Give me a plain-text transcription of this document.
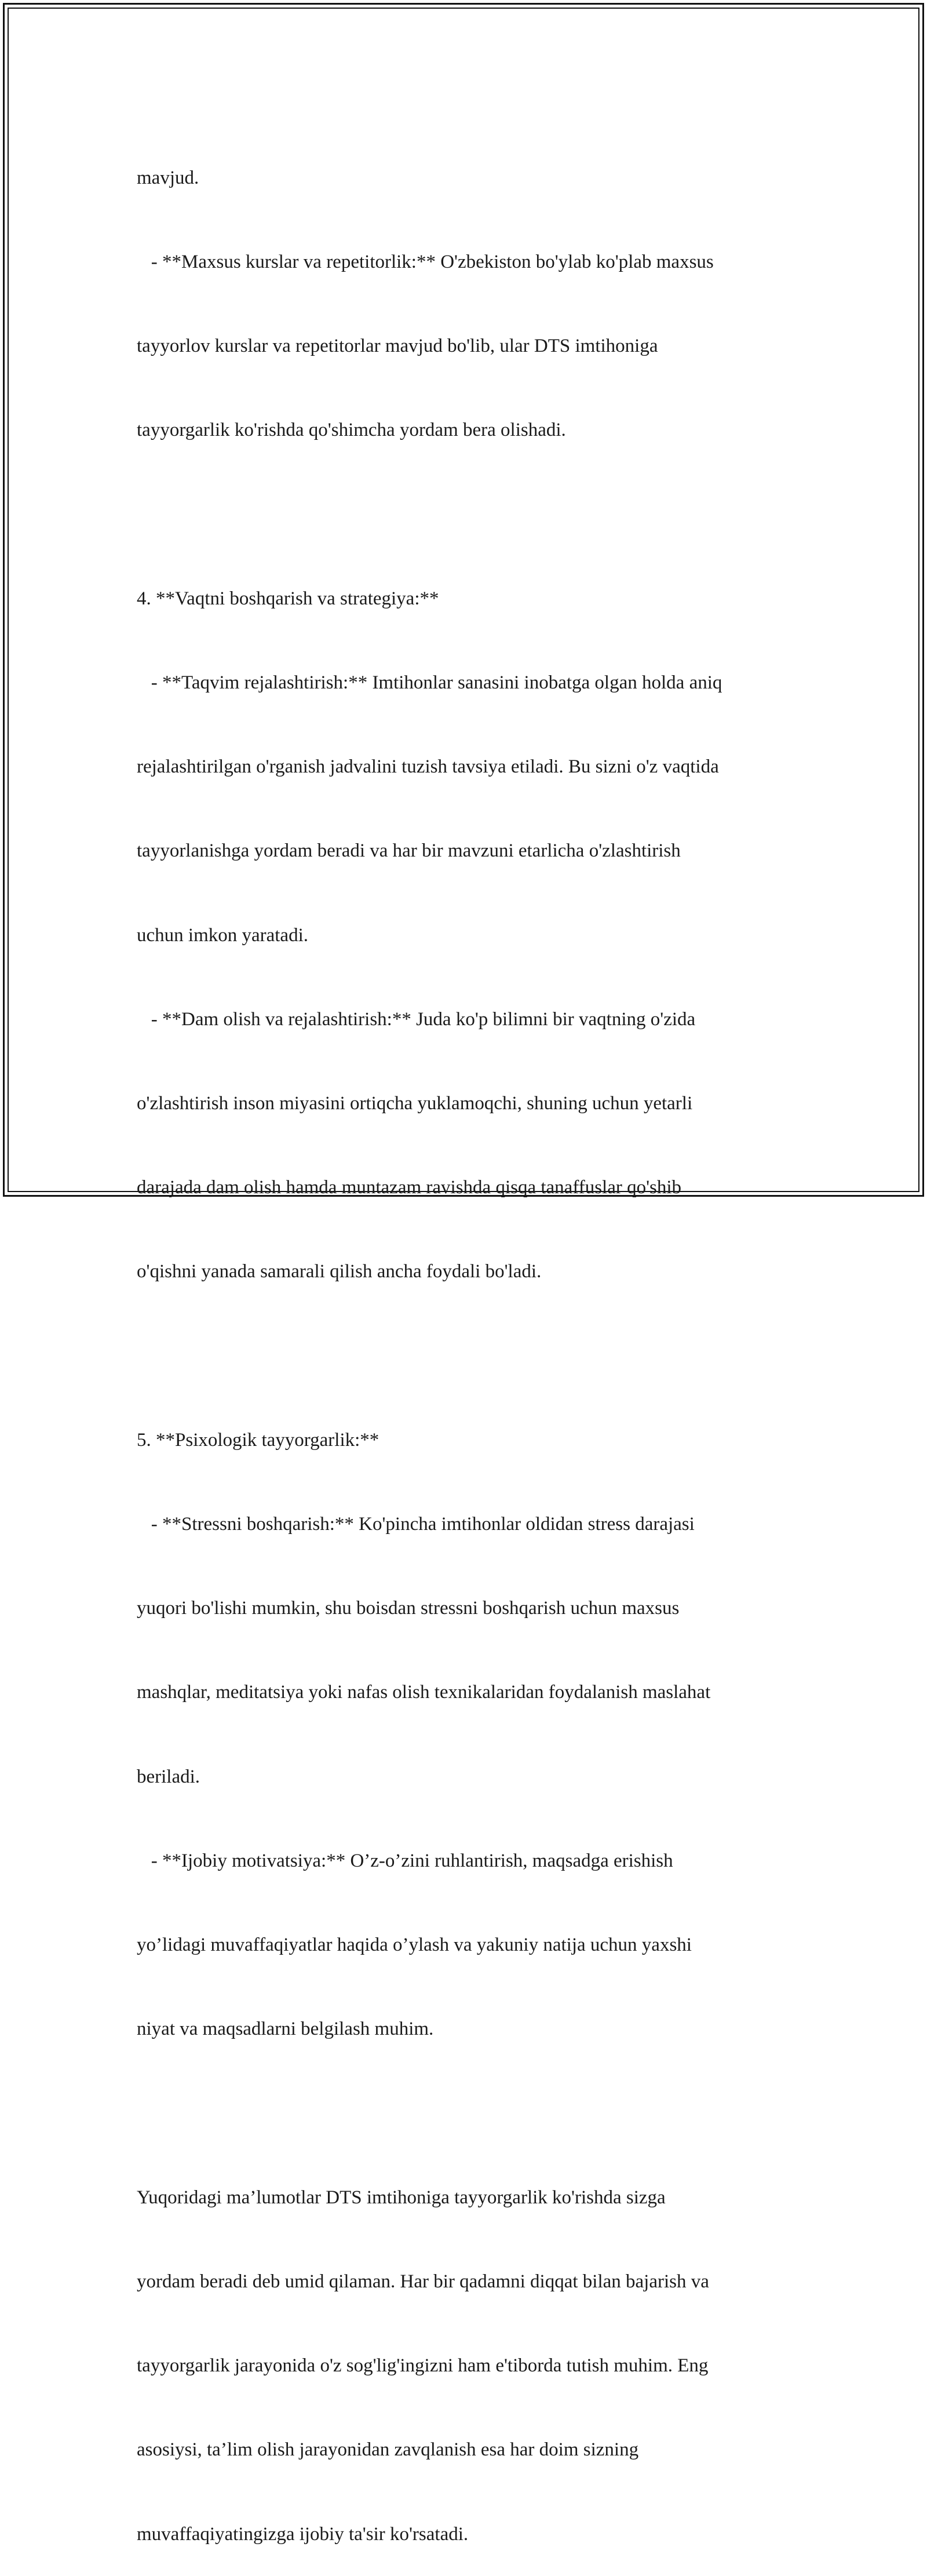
mavjud.

- **Maxsus kurslar va repetitorlik:** O'zbekiston bo'ylab ko'plab maxsus

tayyorlov kurslar va repetitorlar mavjud bo'lib, ular DTS imtihoniga

tayyorgarlik ko'rishda qo'shimcha yordam bera olishadi.

4. **Vaqtni boshqarish va strategiya:**

- **Taqvim rejalashtirish:** Imtihonlar sanasini inobatga olgan holda aniq

rejalashtirilgan o'rganish jadvalini tuzish tavsiya etiladi. Bu sizni o'z vaqtida

tayyorlanishga yordam beradi va har bir mavzuni etarlicha o'zlashtirish

uchun imkon yaratadi.

- **Dam olish va rejalashtirish:** Juda ko'p bilimni bir vaqtning o'zida

o'zlashtirish inson miyasini ortiqcha yuklamoqchi, shuning uchun yetarli

darajada dam olish hamda muntazam ravishda qisqa tanaffuslar qo'shib

o'qishni yanada samarali qilish ancha foydali bo'ladi.

5. **Psixologik tayyorgarlik:**

- **Stressni boshqarish:** Ko'pincha imtihonlar oldidan stress darajasi

yuqori bo'lishi mumkin, shu boisdan stressni boshqarish uchun maxsus

mashqlar, meditatsiya yoki nafas olish texnikalaridan foydalanish maslahat

beriladi.

- **Ijobiy motivatsiya:** O’z-o’zini ruhlantirish, maqsadga erishish

yo’lidagi muvaffaqiyatlar haqida o’ylash va yakuniy natija uchun yaxshi

niyat va maqsadlarni belgilash muhim.

Yuqoridagi ma’lumotlar DTS imtihoniga tayyorgarlik ko'rishda sizga

yordam beradi deb umid qilaman. Har bir qadamni diqqat bilan bajarish va

tayyorgarlik jarayonida o'z sog'lig'ingizni ham e'tiborda tutish muhim. Eng

asosiysi, ta’lim olish jarayonidan zavqlanish esa har doim sizning

muvaffaqiyatingizga ijobiy ta'sir ko'rsatadi.
